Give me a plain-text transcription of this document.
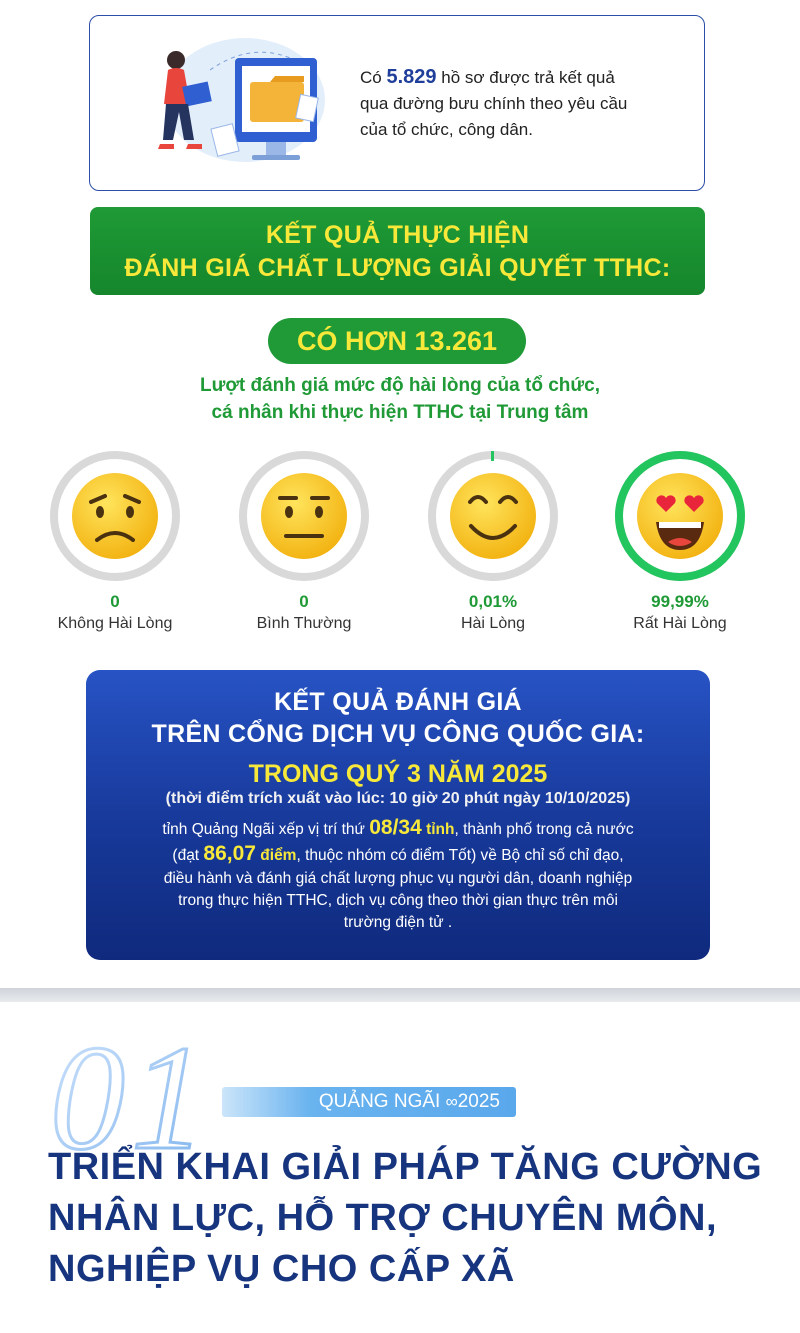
Có 5.829 hồ sơ được trả kết quả
qua đường bưu chính theo yêu cầu
của tổ chức, công dân.
KẾT QUẢ THỰC HIỆN
ĐÁNH GIÁ CHẤT LƯỢNG GIẢI QUYẾT TTHC:
CÓ HƠN 13.261
Lượt đánh giá mức độ hài lòng của tổ chức,
cá nhân khi thực hiện TTHC tại Trung tâm
0
Không Hài Lòng
0
Bình Thường
0,01%
Hài Lòng
99,99%
Rất Hài Lòng
KẾT QUẢ ĐÁNH GIÁ
TRÊN CỔNG DỊCH VỤ CÔNG QUỐC GIA:
TRONG QUÝ 3 NĂM 2025
(thời điểm trích xuất vào lúc: 10 giờ 20 phút ngày 10/10/2025)
tỉnh Quảng Ngãi xếp vị trí thứ 08/34 tỉnh, thành phố trong cả nước
(đạt 86,07 điểm, thuộc nhóm có điểm Tốt) về Bộ chỉ số chỉ đạo,
điều hành và đánh giá chất lượng phục vụ người dân, doanh nghiệp
trong thực hiện TTHC, dịch vụ công theo thời gian thực trên môi
trường điện tử .
01	QUẢNG NGÃI ∞2025
TRIỂN KHAI GIẢI PHÁP TĂNG CƯỜNG
NHÂN LỰC, HỖ TRỢ CHUYÊN MÔN,
NGHIỆP VỤ CHO CẤP XÃ
